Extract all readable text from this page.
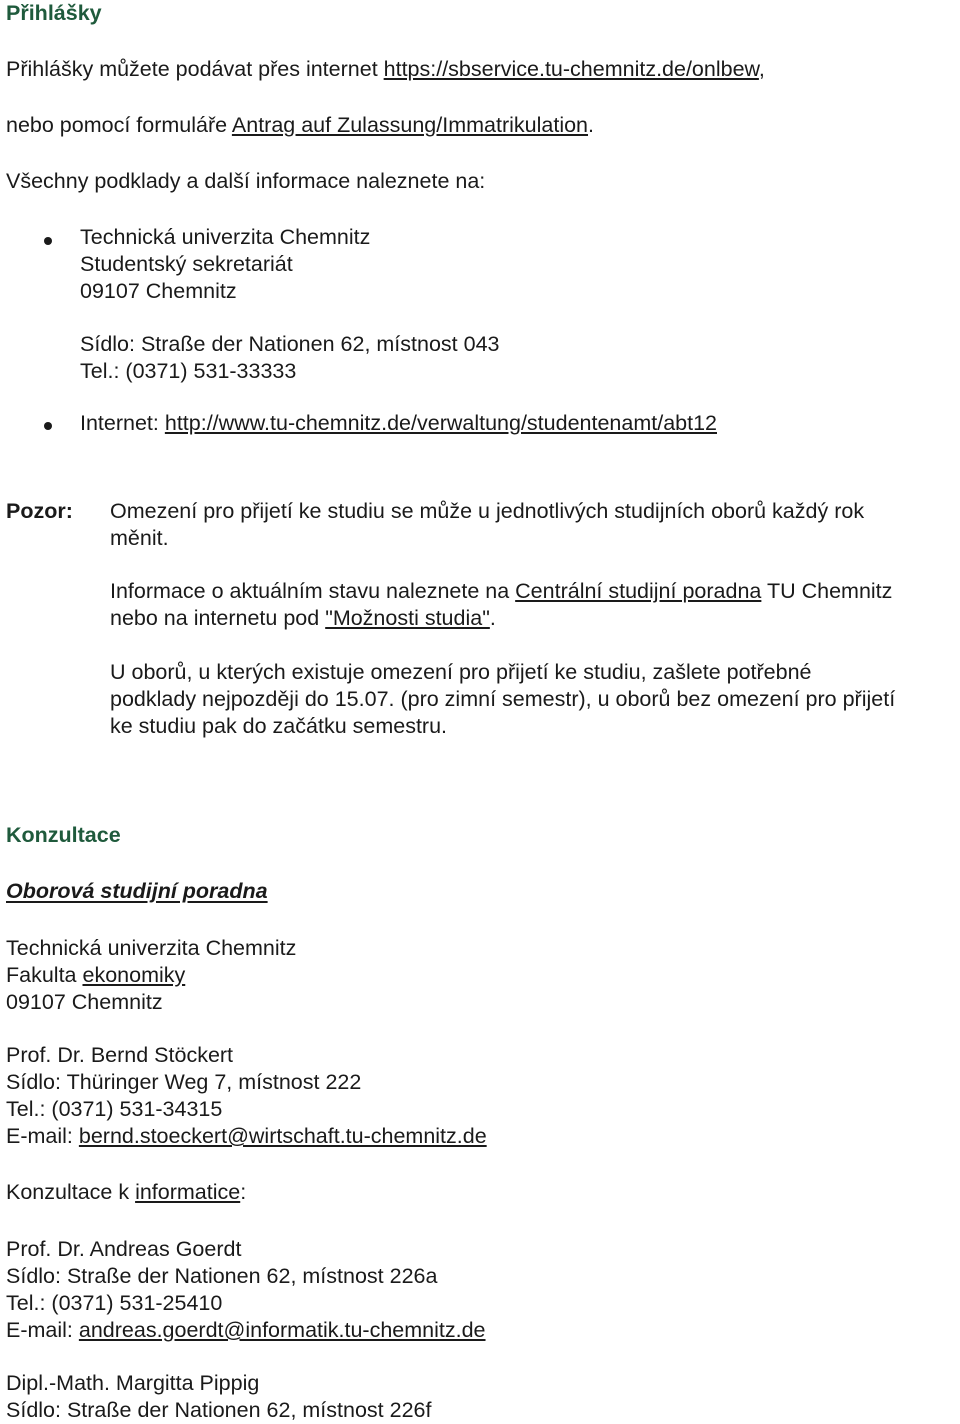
Přihlášky
Přihlášky můžete podávat přes internet https://sbservice.tu-chemnitz.de/onlbew,
nebo pomocí formuláře Antrag auf Zulassung/Immatrikulation.
Všechny podklady a další informace naleznete na:
Technická univerzita Chemnitz
Studentský sekretariát
09107 Chemnitz
Sídlo: Straße der Nationen 62, místnost 043
Tel.: (0371) 531-33333
Internet: http://www.tu-chemnitz.de/verwaltung/studentenamt/abt12
Pozor: Omezení pro přijetí ke studiu se může u jednotlivých studijních oborů každý rok
měnit.
Informace o aktuálním stavu naleznete na Centrální studijní poradna TU Chemnitz
nebo na internetu pod "Možnosti studia".
U oborů, u kterých existuje omezení pro přijetí ke studiu, zašlete potřebné
podklady nejpozději do 15.07. (pro zimní semestr), u oborů bez omezení pro přijetí
ke studiu pak do začátku semestru.
Konzultace
Oborová studijní poradna
Technická univerzita Chemnitz
Fakulta ekonomiky
09107 Chemnitz
Prof. Dr. Bernd Stöckert
Sídlo: Thüringer Weg 7, místnost 222
Tel.: (0371) 531-34315
E-mail: bernd.stoeckert@wirtschaft.tu-chemnitz.de
Konzultace k informatice:
Prof. Dr. Andreas Goerdt
Sídlo: Straße der Nationen 62, místnost 226a
Tel.: (0371) 531-25410
E-mail: andreas.goerdt@informatik.tu-chemnitz.de
Dipl.-Math. Margitta Pippig
Sídlo: Straße der Nationen 62, místnost 226f
